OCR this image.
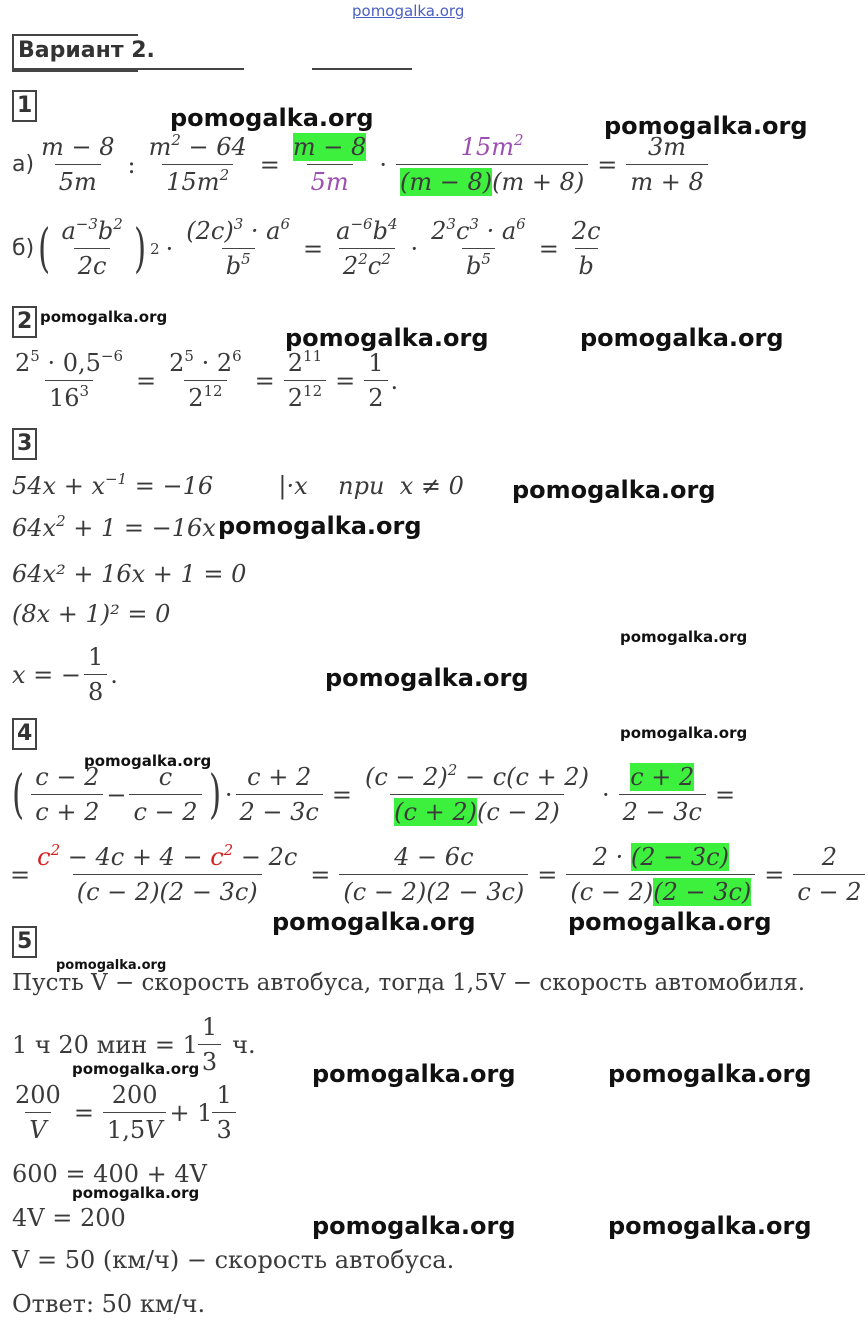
pomogalka.org
Вариант 2.
1	pomogalka.org	pomogalka.org
$а) \frac{m - 8}{5m}$ : $\frac{m^2 - 64}{15m^2} = \frac{m - 8}{5m} \cdot \frac{15m^2}{(m - 8)(m + 8)} = \frac{3m}{m + 8}$
б) ( $\frac{a^{-3}b^2}{2c}$ ) $2 \cdot \frac{(2c)^3 \cdot a^6}{b^5} = \frac{a^{-6}b^4}{2^2c^2} \cdot \frac{2^3c^3 \cdot a^6}{b^5} = \frac{2c}{b}$
2 pomogalka.org
pomogalka.org	pomogalka.org
$\frac{2^5 \cdot 0,5^{-6}}{16^3} = \frac{2^5 \cdot 2^6}{2^{12}} = \frac{2^{11}}{2^{12}} = \frac{1}{2}$ .
3
$54x + x^{-1} = -16$	|·x    при  x ≠ 0 pomogalka.org
$64x^2 + 1 = -16x$ pomogalka.org
64x² + 16x + 1 = 0
(8x + 1)² = 0
pomogalka.org
x = − $\frac{1}{8}$ .	pomogalka.org
4	pomogalka.org
pomogalka.org
( $\frac{c - 2}{c + 2} - \frac{c}{c - 2}$ ) · $\frac{c + 2}{2 - 3c} = \frac{(c - 2)^2 - c(c + 2)}{(c + 2)(c - 2)} \cdot \frac{c + 2}{2 - 3c}$ =
= $\frac{c^2 - 4c + 4 - c^2 - 2c}{(c - 2)(2 - 3c)} = \frac{4 - 6c}{(c - 2)(2 - 3c)} = \frac{2 \cdot (2 - 3c)}{(c - 2)(2 - 3c)} = \frac{2}{c - 2}$
pomogalka.org	pomogalka.org
5
pomogalka.org
Пусть V − скорость автобуса, тогда 1,5V − скорость автомобиля.
1 ч 20 мин = $1 \frac{1}{3} ч$.
pomogalka.org	pomogalka.org	pomogalka.org
$\frac{200}{V} = \frac{200}{1,5V} + 1 \frac{1}{3}$
600 = 400 + 4V
pomogalka.org
4V = 200	pomogalka.org	pomogalka.org
V = 50 (км/ч) − скорость автобуса.
Ответ: 50 км/ч.
